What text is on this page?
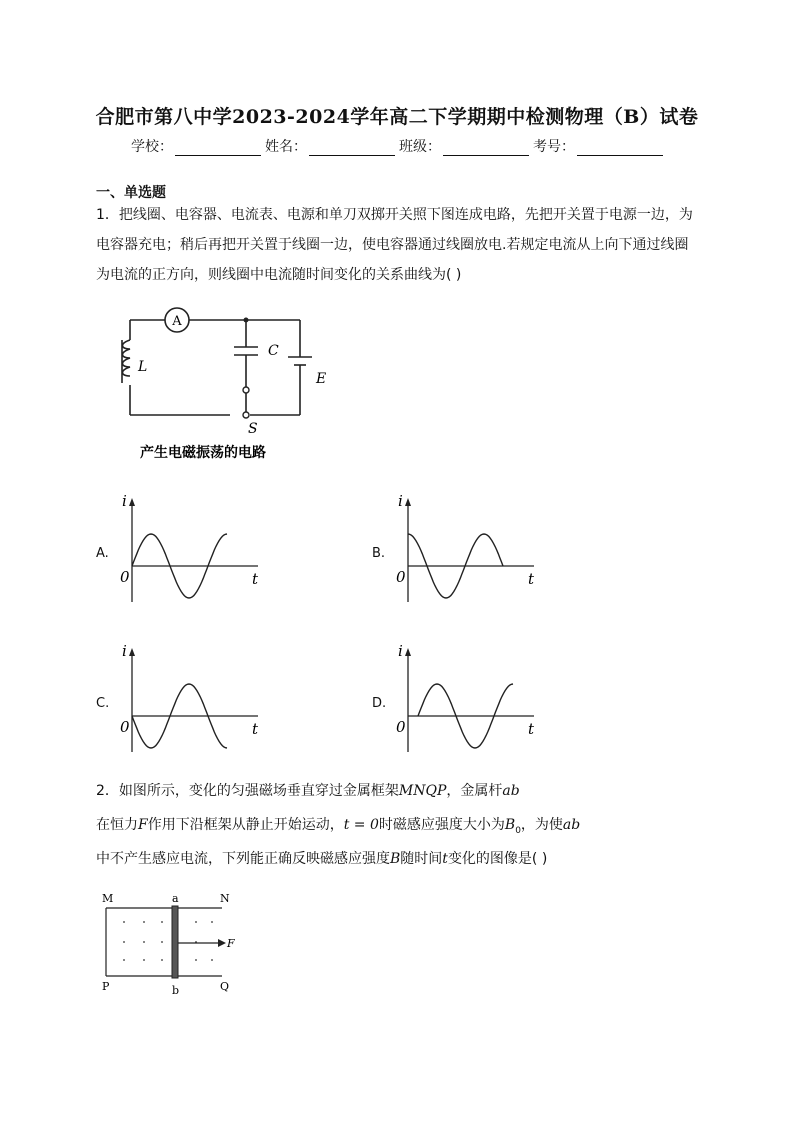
合肥市第八中学2023-2024学年高二下学期期中检测物理（B）试卷
学校：	姓名：	班级：	考号：
一、单选题
1．把线圈、电容器、电流表、电源和单刀双掷开关照下图连成电路，先把开关置于电源一边，为电容器充电；稍后再把开关置于线圈一边，使电容器通过线圈放电.若规定电流从上向下通过线圈为电流的正方向，则线圈中电流随时间变化的关系曲线为( )
A
L
C
E
S
产生电磁振荡的电路
A.
i
0	t
B.
i
0	t
C.
i
0	t
D.
i
0	t
2．如图所示，变化的匀强磁场垂直穿过金属框架MNQP，金属杆ab
在恒力F作用下沿框架从静止开始运动，t = 0时磁感应强度大小为$B_0$，为使ab
中不产生感应电流，下列能正确反映磁感应强度B随时间t变化的图像是( )
M	a	N
P	b	Q
F
